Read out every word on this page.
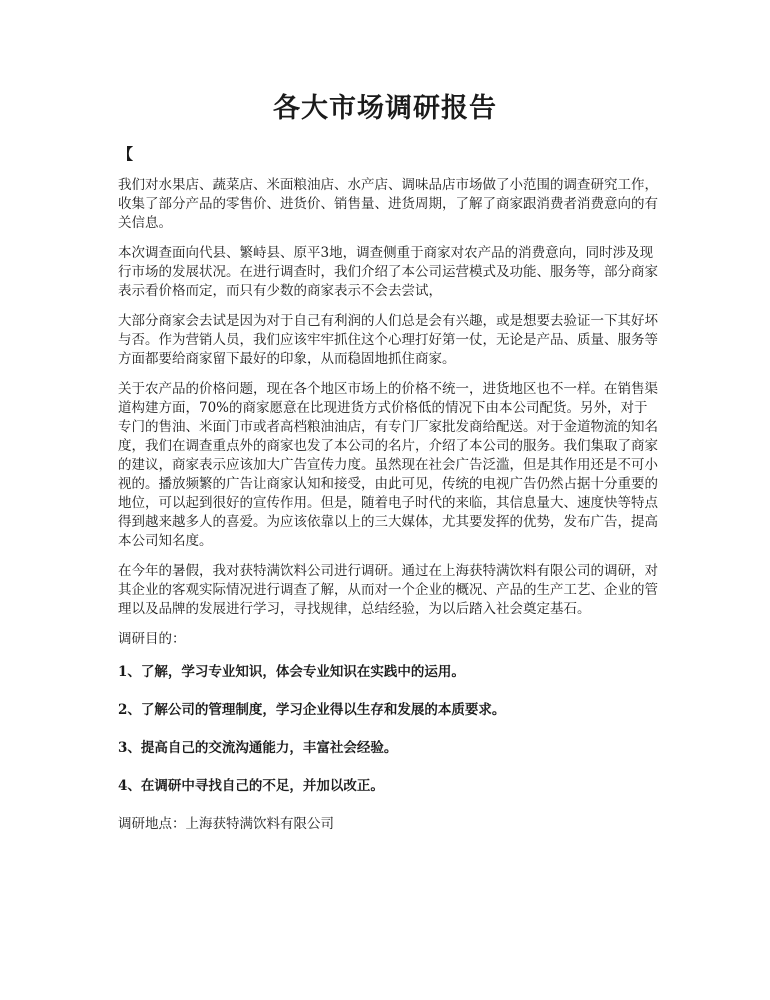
各大市场调研报告
【

我们对水果店、蔬菜店、米面粮油店、水产店、调味品店市场做了小范围的调查研究工作，收集了部分产品的零售价、进货价、销售量、进货周期，了解了商家跟消费者消费意向的有关信息。

本次调查面向代县、繁峙县、原平3地，调查侧重于商家对农产品的消费意向，同时涉及现行市场的发展状况。在进行调查时，我们介绍了本公司运营模式及功能、服务等，部分商家表示看价格而定，而只有少数的商家表示不会去尝试，

大部分商家会去试是因为对于自己有利润的人们总是会有兴趣，或是想要去验证一下其好坏与否。作为营销人员，我们应该牢牢抓住这个心理打好第一仗，无论是产品、质量、服务等方面都要给商家留下最好的印象，从而稳固地抓住商家。

关于农产品的价格问题，现在各个地区市场上的价格不统一，进货地区也不一样。在销售渠道构建方面，70%的商家愿意在比现进货方式价格低的情况下由本公司配货。另外，对于专门的售油、米面门市或者高档粮油油店，有专门厂家批发商给配送。对于金道物流的知名度，我们在调查重点外的商家也发了本公司的名片，介绍了本公司的服务。我们集取了商家的建议，商家表示应该加大广告宣传力度。虽然现在社会广告泛滥，但是其作用还是不可小视的。播放频繁的广告让商家认知和接受，由此可见，传统的电视广告仍然占据十分重要的地位，可以起到很好的宣传作用。但是，随着电子时代的来临，其信息量大、速度快等特点得到越来越多人的喜爱。为应该依靠以上的三大媒体，尤其要发挥的优势，发布广告，提高本公司知名度。

在今年的暑假，我对获特满饮料公司进行调研。通过在上海获特满饮料有限公司的调研，对其企业的客观实际情况进行调查了解，从而对一个企业的概况、产品的生产工艺、企业的管理以及品牌的发展进行学习，寻找规律，总结经验，为以后踏入社会奠定基石。

调研目的：

1、了解，学习专业知识，体会专业知识在实践中的运用。

2、了解公司的管理制度，学习企业得以生存和发展的本质要求。

3、提高自己的交流沟通能力，丰富社会经验。

4、在调研中寻找自己的不足，并加以改正。

调研地点：上海获特满饮料有限公司
